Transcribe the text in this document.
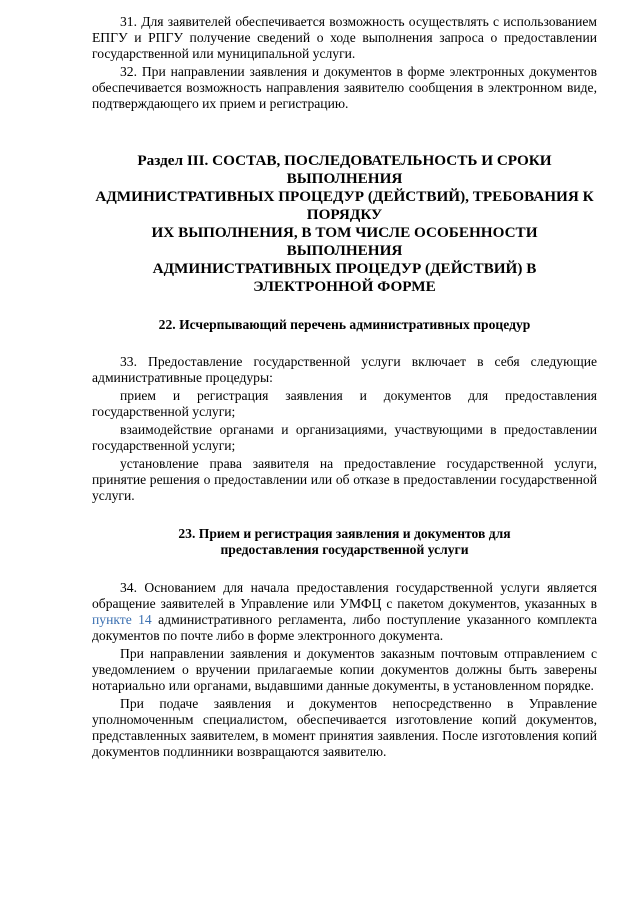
31. Для заявителей обеспечивается возможность осуществлять с использованием ЕПГУ и РПГУ получение сведений о ходе выполнения запроса о предоставлении государственной или муниципальной услуги.

32. При направлении заявления и документов в форме электронных документов обеспечивается возможность направления заявителю сообщения в электронном виде, подтверждающего их прием и регистрацию.

Раздел III. СОСТАВ, ПОСЛЕДОВАТЕЛЬНОСТЬ И СРОКИ

ВЫПОЛНЕНИЯ

АДМИНИСТРАТИВНЫХ ПРОЦЕДУР (ДЕЙСТВИЙ), ТРЕБОВАНИЯ К

ПОРЯДКУ

ИХ ВЫПОЛНЕНИЯ, В ТОМ ЧИСЛЕ ОСОБЕННОСТИ ВЫПОЛНЕНИЯ

АДМИНИСТРАТИВНЫХ ПРОЦЕДУР (ДЕЙСТВИЙ) В

ЭЛЕКТРОННОЙ ФОРМЕ

22. Исчерпывающий перечень административных процедур

33. Предоставление государственной услуги включает в себя следующие административные процедуры:

прием и регистрация заявления и документов для предоставления государственной услуги;

взаимодействие органами и организациями, участвующими в предоставлении государственной услуги;

установление права заявителя на предоставление государственной услуги, принятие решения о предоставлении или об отказе в предоставлении государственной услуги.

23. Прием и регистрация заявления и документов для

предоставления государственной услуги

34. Основанием для начала предоставления государственной услуги является обращение заявителей в Управление или УМФЦ с пакетом документов, указанных в пункте 14 административного регламента, либо поступление указанного комплекта документов по почте либо в форме электронного документа.

При направлении заявления и документов заказным почтовым отправлением с уведомлением о вручении прилагаемые копии документов должны быть заверены нотариально или органами, выдавшими данные документы, в установленном порядке.

При подаче заявления и документов непосредственно в Управление уполномоченным специалистом, обеспечивается изготовление копий документов, представленных заявителем, в момент принятия заявления. После изготовления копий документов подлинники возвращаются заявителю.
